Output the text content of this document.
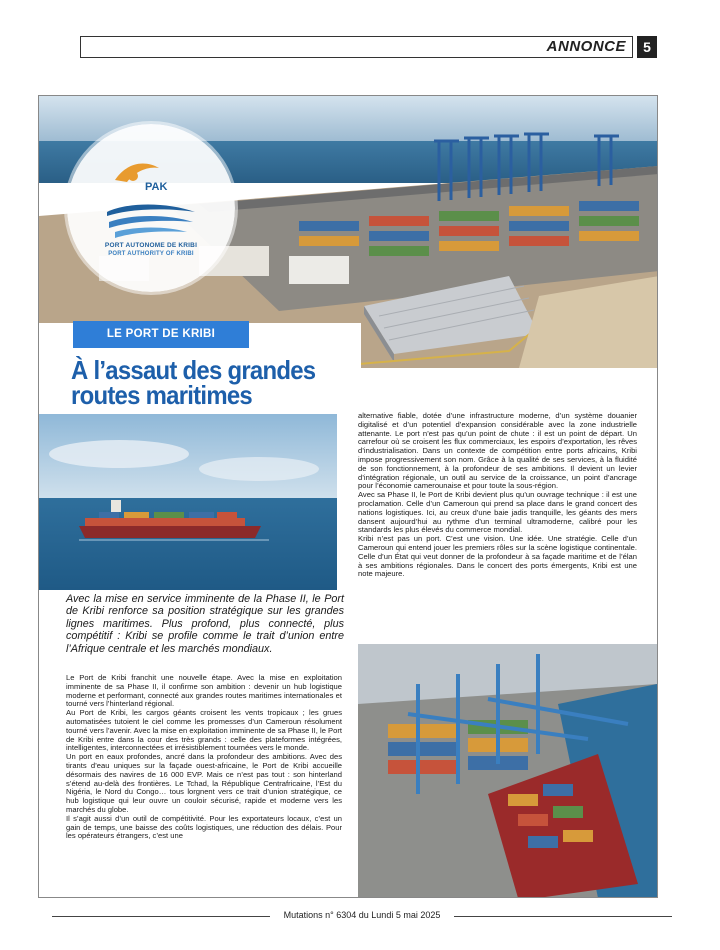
ANNONCE	5
PAK
PORT AUTONOME DE KRIBI
PORT AUTHORITY OF KRIBI
LE PORT DE KRIBI
À l’assaut des grandes routes maritimes

Avec la mise en service imminente de la Phase II, le Port de Kribi renforce sa position stratégique sur les grandes lignes maritimes. Plus profond, plus connecté, plus compétitif : Kribi se profile comme le trait d’union entre l’Afrique centrale et les marchés mondiaux.

Le Port de Kribi franchit une nouvelle étape. Avec la mise en exploitation imminente de sa Phase II, il confirme son ambition : devenir un hub logistique moderne et performant, connecté aux grandes routes maritimes internationales et tourné vers l’hinterland régional.

Au Port de Kribi, les cargos géants croisent les vents tropicaux ; les grues automatisées tutoient le ciel comme les promesses d’un Cameroun résolument tourné vers l’avenir. Avec la mise en exploitation imminente de sa Phase II, le Port de Kribi entre dans la cour des très grands : celle des plateformes intégrées, intelligentes, interconnectées et irrésistiblement tournées vers le monde.

Un port en eaux profondes, ancré dans la profondeur des ambitions. Avec des tirants d’eau uniques sur la façade ouest-africaine, le Port de Kribi accueille désormais des navires de 16 000 EVP. Mais ce n’est pas tout : son hinterland s’étend au-delà des frontières. Le Tchad, la République Centrafricaine, l’Est du Nigéria, le Nord du Congo… tous lorgnent vers ce trait d’union stratégique, ce hub logistique qui leur ouvre un couloir sécurisé, rapide et moderne vers les marchés du globe.

Il s’agit aussi d’un outil de compétitivité. Pour les exportateurs locaux, c’est un gain de temps, une baisse des coûts logistiques, une réduction des délais. Pour les opérateurs étrangers, c’est une

alternative fiable, dotée d’une infrastructure moderne, d’un système douanier digitalisé et d’un potentiel d’expansion considérable avec la zone industrielle attenante. Le port n’est pas qu’un point de chute : il est un point de départ. Un carrefour où se croisent les flux commerciaux, les espoirs d’exportation, les rêves d’industrialisation. Dans un contexte de compétition entre ports africains, Kribi impose progressivement son nom. Grâce à la qualité de ses services, à la fluidité de son fonctionnement, à la profondeur de ses ambitions. Il devient un levier d’intégration régionale, un outil au service de la croissance, un point d’ancrage pour l’économie camerounaise et pour toute la sous-région.

Avec sa Phase II, le Port de Kribi devient plus qu’un ouvrage technique : il est une proclamation. Celle d’un Cameroun qui prend sa place dans le grand concert des nations logistiques. Ici, au creux d’une baie jadis tranquille, les géants des mers dansent aujourd’hui au rythme d’un terminal ultramoderne, calibré pour les standards les plus élevés du commerce mondial.

Kribi n’est pas un port. C’est une vision. Une idée. Une stratégie. Celle d’un Cameroun qui entend jouer les premiers rôles sur la scène logistique continentale. Celle d’un État qui veut donner de la profondeur à sa façade maritime et de l’élan à ses ambitions régionales. Dans le concert des ports émergents, Kribi est une note majeure.

Mutations n° 6304 du Lundi 5 mai 2025
